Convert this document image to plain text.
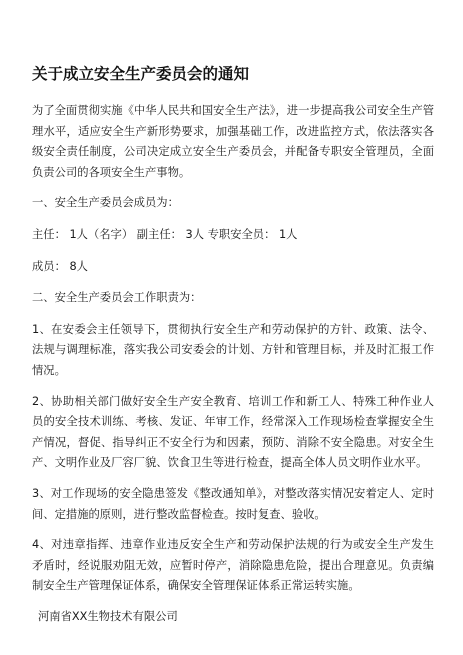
关于成立安全生产委员会的通知

为了全面贯彻实施《中华人民共和国安全生产法》，进一步提高我公司安全生产管理水平，适应安全生产新形势要求，加强基础工作，改进监控方式，依法落实各级安全责任制度，公司决定成立安全生产委员会，并配备专职安全管理员，全面负责公司的各项安全生产事物。

一、安全生产委员会成员为：

主任： 1人（名字） 副主任： 3人 专职安全员： 1人

成员： 8人

二、安全生产委员会工作职责为：

1、在安委会主任领导下，贯彻执行安全生产和劳动保护的方针、政策、法令、法规与调理标准，落实我公司安委会的计划、方针和管理目标，并及时汇报工作情况。

2、协助相关部门做好安全生产安全教育、培训工作和新工人、特殊工种作业人员的安全技术训练、考核、发证、年审工作，经常深入工作现场检查掌握安全生产情况，督促、指导纠正不安全行为和因素，预防、消除不安全隐患。对安全生产、文明作业及厂容厂貌、饮食卫生等进行检查，提高全体人员文明作业水平。

3、对工作现场的安全隐患签发《整改通知单》，对整改落实情况安着定人、定时间、定措施的原则，进行整改监督检查。按时复查、验收。

4、对违章指挥、违章作业违反安全生产和劳动保护法规的行为或安全生产发生矛盾时，经说服劝阻无效，应暂时停产，消除隐患危险，提出合理意见。负责编制安全生产管理保证体系，确保安全管理保证体系正常运转实施。

河南省XX生物技术有限公司
